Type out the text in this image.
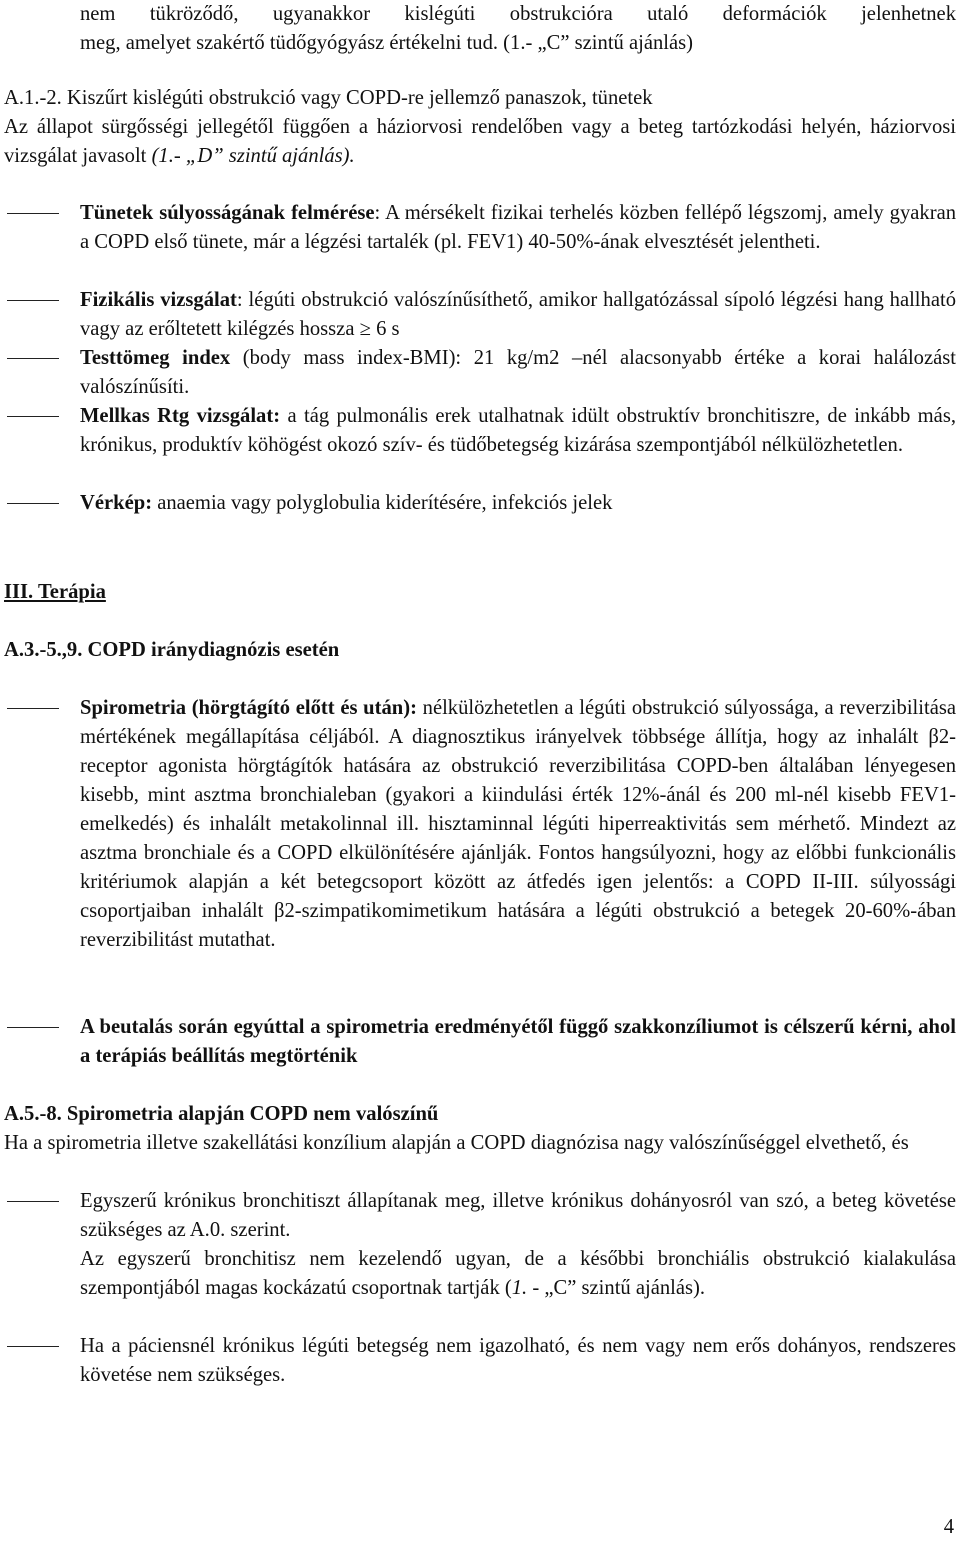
nem tükröződő, ugyanakkor kislégúti obstrukcióra utaló deformációk jelenhetnek
meg, amelyet szakértő tüdőgyógyász értékelni tud. (1.- „C” szintű ajánlás)
A.1.-2. Kiszűrt kislégúti obstrukció vagy COPD-re jellemző panaszok, tünetek
Az állapot sürgősségi jellegétől függően a háziorvosi rendelőben vagy a beteg tartózkodási helyén, háziorvosi vizsgálat javasolt (1.- „D” szintű ajánlás).
Tünetek súlyosságának felmérése: A mérsékelt fizikai terhelés közben fellépő légszomj, amely gyakran a COPD első tünete, már a légzési tartalék (pl. FEV1) 40-50%-ának elvesztését jelentheti.
Fizikális vizsgálat: légúti obstrukció valószínűsíthető, amikor hallgatózással sípoló légzési hang hallható vagy az erőltetett kilégzés hossza ≥ 6 s
Testtömeg index (body mass index-BMI): 21 kg/m2 –nél alacsonyabb értéke a korai halálozást valószínűsíti.
Mellkas Rtg vizsgálat: a tág pulmonális erek utalhatnak idült obstruktív bronchitiszre, de inkább más, krónikus, produktív köhögést okozó szív- és tüdőbetegség kizárása szempontjából nélkülözhetetlen.
Vérkép: anaemia vagy polyglobulia kiderítésére, infekciós jelek
III. Terápia
A.3.-5.,9. COPD iránydiagnózis esetén
Spirometria (hörgtágító előtt és után): nélkülözhetetlen a légúti obstrukció súlyossága, a reverzibilitása mértékének megállapítása céljából. A diagnosztikus irányelvek többsége állítja, hogy az inhalált β2-receptor agonista hörgtágítók hatására az obstrukció reverzibilitása COPD-ben általában lényegesen kisebb, mint asztma bronchialeban (gyakori a kiindulási érték 12%-ánál és 200 ml-nél kisebb FEV1-emelkedés) és inhalált metakolinnal ill. hisztaminnal légúti hiperreaktivitás sem mérhető. Mindezt az asztma bronchiale és a COPD elkülönítésére ajánlják. Fontos hangsúlyozni, hogy az előbbi funkcionális kritériumok alapján a két betegcsoport között az átfedés igen jelentős: a COPD II-III. súlyossági csoportjaiban inhalált β2-szimpatikomimetikum hatására a légúti obstrukció a betegek 20-60%-ában reverzibilitást mutathat.
A beutalás során egyúttal a spirometria eredményétől függő szakkonzíliumot is célszerű kérni, ahol a terápiás beállítás megtörténik
A.5.-8. Spirometria alapján COPD nem valószínű
Ha a spirometria illetve szakellátási konzílium alapján a COPD diagnózisa nagy valószínűséggel elvethető, és
Egyszerű krónikus bronchitiszt állapítanak meg, illetve krónikus dohányosról van szó, a beteg követése szükséges az A.0. szerint.
Az egyszerű bronchitisz nem kezelendő ugyan, de a későbbi bronchiális obstrukció kialakulása szempontjából magas kockázatú csoportnak tartják (1. - „C” szintű ajánlás).
Ha a páciensnél krónikus légúti betegség nem igazolható, és nem vagy nem erős dohányos, rendszeres követése nem szükséges.
4
